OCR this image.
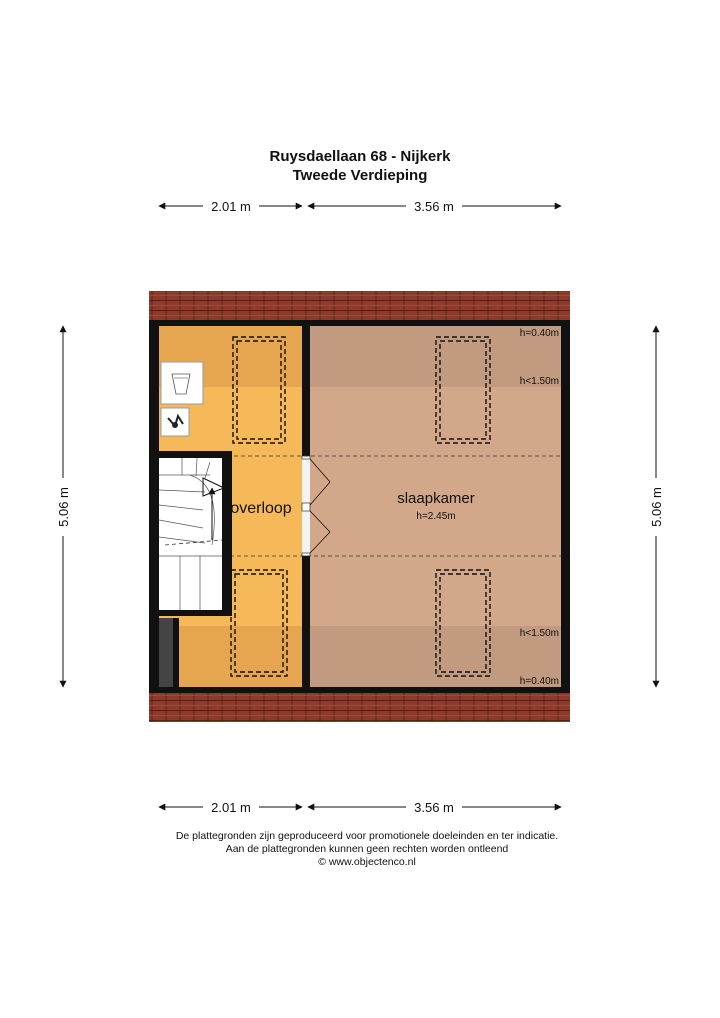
Ruysdaellaan 68 - Nijkerk
Tweede Verdieping
overloop
slaapkamer
h=2.45m
h=0.40m
h<1.50m
h<1.50m
h=0.40m
2.01 m	3.56 m
2.01 m	3.56 m
5.06 m	5.06 m
De plattegronden zijn geproduceerd voor promotionele doeleinden en ter indicatie.
Aan de plattegronden kunnen geen rechten worden ontleend
© www.objectenco.nl
